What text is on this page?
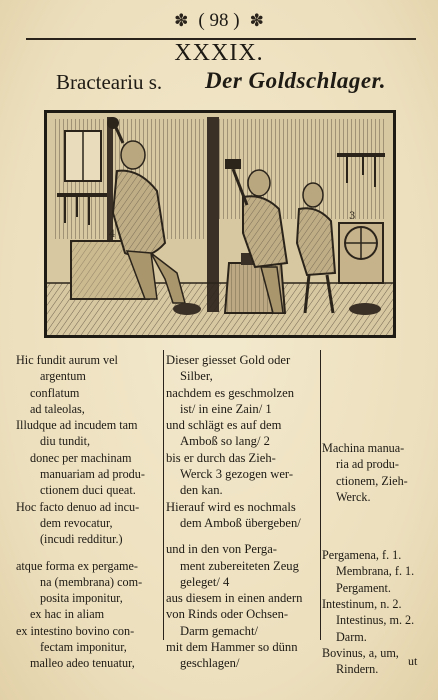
✽ ( 98 ) ✽
XXXIX.
Bracteariu s. Der Goldschlager.
4
3
Hic fundit aurum vel
argentum
conflatum
ad taleolas,
Illudque ad incudem tam
diu tundit,
donec per machinam
manuariam ad produ-
ctionem duci queat.
Hoc facto denuo ad incu-
dem revocatur,
(incudi redditur.)
atque forma ex pergame-
na (membrana) com-
posita imponitur,
ex hac in aliam
ex intestino bovino con-
fectam imponitur,
malleo adeo tenuatur,
Dieser giesset Gold oder
Silber,
nachdem es geschmolzen
ist/ in eine Zain/ 1
und schlägt es auf dem
Amboß so lang/ 2
bis er durch das Zieh-
Werck 3 gezogen wer-
den kan.
Hierauf wird es nochmals
dem Amboß übergeben/
und in den von Perga-
ment zubereiteten Zeug
geleget/ 4
aus diesem in einen andern
von Rinds oder Ochsen-
Darm gemacht/
mit dem Hammer so dünn
geschlagen/
Machina manua-
ria ad produ-
ctionem, Zieh-
Werck.
Pergamena, f. 1.
Membrana, f. 1.
Pergament.
Intestinum, n. 2.
Intestinus, m. 2.
Darm.
Bovinus, a, um,
Rindern.
ut
